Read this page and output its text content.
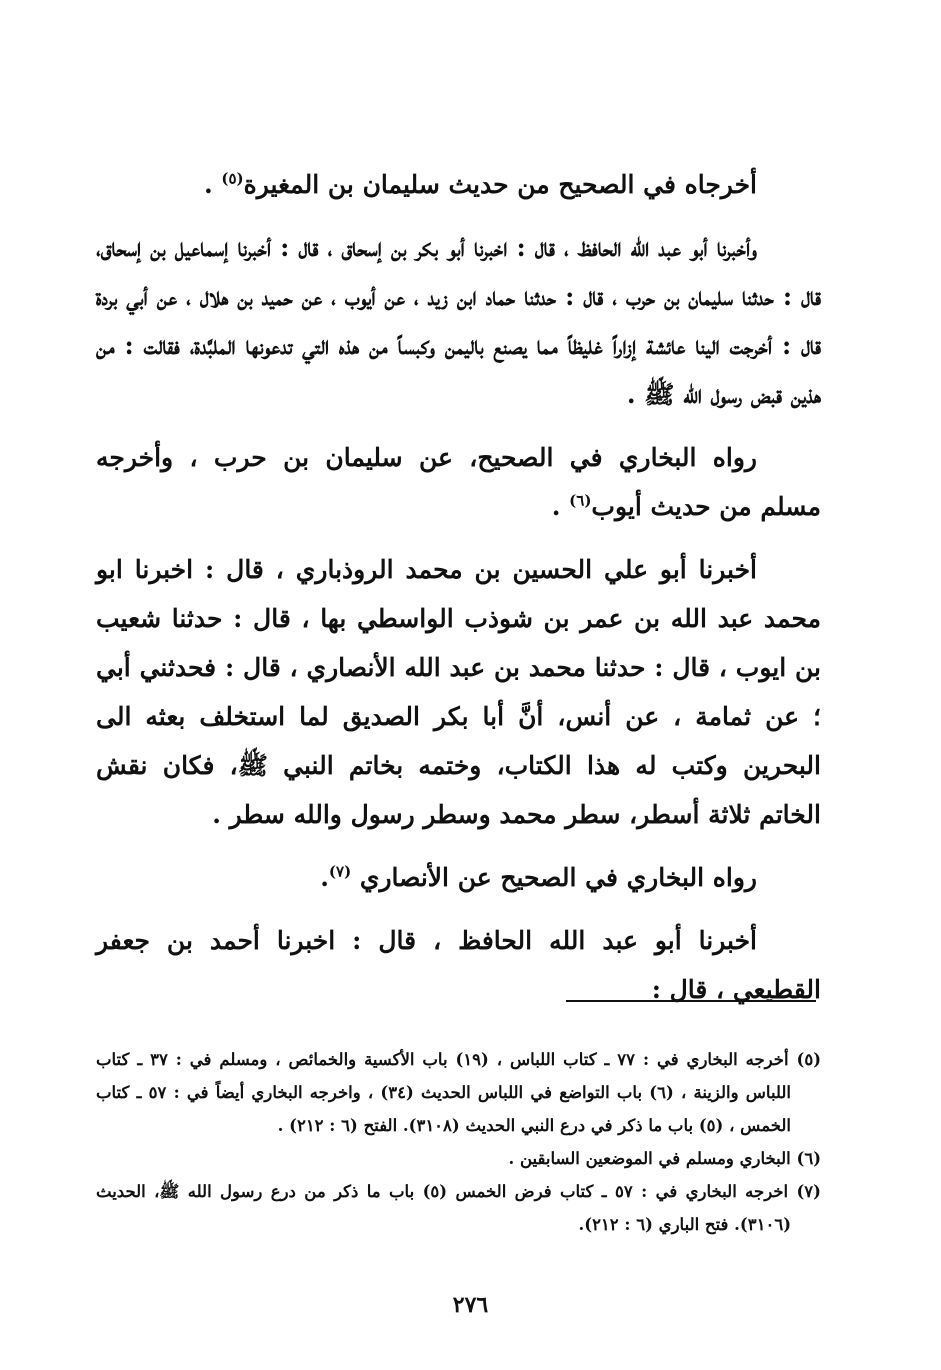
أخرجاه في الصحيح من حديث سليمان بن المغيرة$^{(٥)}$ .

وأخبرنا أبو عبد الله الحافظ ، قال : اخبرنا أبو بكر بن إسحاق ، قال : أخبرنا إسماعيل بن إسحاق، قال : حدثنا سليمان بن حرب ، قال : حدثنا حماد ابن زيد ، عن أيوب ، عن حميد بن هلال ، عن أبي بردة قال : أخرجت الينا عائشة إزاراً غليظاً مما يصنع باليمن وكبساً من هذه التي تدعونها الملبَّدة، فقالت : من هذين قبض رسول الله ﷺ .

رواه البخاري في الصحيح، عن سليمان بن حرب ، وأخرجه مسلم من حديث أيوب$^{(٦)}$ .

أخبرنا أبو علي الحسين بن محمد الروذباري ، قال : اخبرنا ابو محمد عبد الله بن عمر بن شوذب الواسطي بها ، قال : حدثنا شعيب بن ايوب ، قال : حدثنا محمد بن عبد الله الأنصاري ، قال : فحدثني أبي ؛ عن ثمامة ، عن أنس، أنَّ أبا بكر الصديق لما استخلف بعثه الى البحرين وكتب له هذا الكتاب، وختمه بخاتم النبي ﷺ، فكان نقش الخاتم ثلاثة أسطر، سطر محمد وسطر رسول والله سطر .

رواه البخاري في الصحيح عن الأنصاري $^{(٧)}$.

أخبرنا أبو عبد الله الحافظ ، قال : اخبرنا أحمد بن جعفر القطيعي ، قال :

(٥) أخرجه البخاري في : ٧٧ ـ كتاب اللباس ، (١٩) باب الأكسية والخمائص ، ومسلم في : ٣٧ ـ كتاب اللباس والزينة ، (٦) باب التواضع في اللباس الحديث (٣٤) ، واخرجه البخاري أيضاً في : ٥٧ ـ كتاب الخمس ، (٥) باب ما ذكر في درع النبي الحديث (٣١٠٨). الفتح (٦ : ٢١٢) .

(٦) البخاري ومسلم في الموضعين السابقين .

(٧) اخرجه البخاري في : ٥٧ ـ كتاب فرض الخمس (٥) باب ما ذكر من درع رسول الله ﷺ، الحديث (٣١٠٦). فتح الباري (٦ : ٢١٢).

٢٧٦
